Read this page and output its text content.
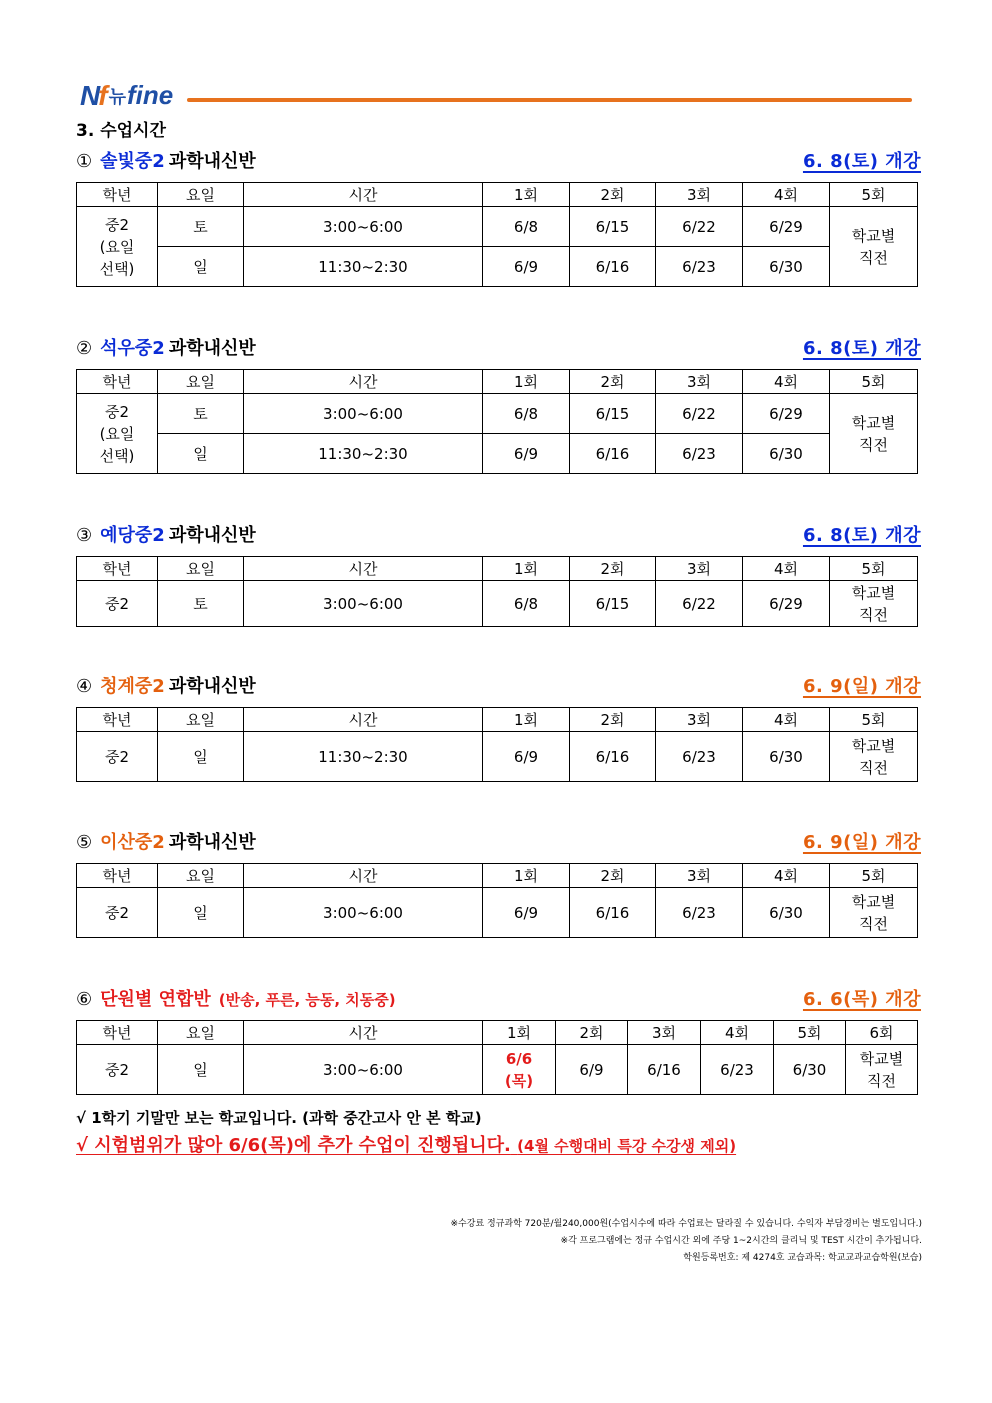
Nf 뉴 fine
3. 수업시간
① 솔빛중2 과학내신반	6. 8(토) 개강
학년	요일	시간	1회	2회	3회	4회	5회
중2
(요일
선택)	토	3:00~6:00	6/8	6/15	6/22	6/29	학교별
직전
	일	11:30~2:30	6/9	6/16	6/23	6/30	
② 석우중2 과학내신반	6. 8(토) 개강
학년	요일	시간	1회	2회	3회	4회	5회
중2
(요일
선택)	토	3:00~6:00	6/8	6/15	6/22	6/29	학교별
직전
	일	11:30~2:30	6/9	6/16	6/23	6/30	
③ 예당중2 과학내신반	6. 8(토) 개강
학년	요일	시간	1회	2회	3회	4회	5회
중2	토	3:00~6:00	6/8	6/15	6/22	6/29	학교별
직전
④ 청계중2 과학내신반	6. 9(일) 개강
학년	요일	시간	1회	2회	3회	4회	5회
중2	일	11:30~2:30	6/9	6/16	6/23	6/30	학교별
직전
⑤ 이산중2 과학내신반	6. 9(일) 개강
학년	요일	시간	1회	2회	3회	4회	5회
중2	일	3:00~6:00	6/9	6/16	6/23	6/30	학교별
직전
⑥ 단원별 연합반 (반송, 푸른, 능동, 치동중)	6. 6(목) 개강
학년	요일	시간	1회	2회	3회	4회	5회	6회
중2	일	3:00~6:00	6/6
(목)	6/9	6/16	6/23	6/30	학교별
직전
√ 1학기 기말만 보는 학교입니다. (과학 중간고사 안 본 학교)
√ 시험범위가 많아 6/6(목)에 추가 수업이 진행됩니다. (4월 수행대비 특강 수강생 제외)
※수강료 정규과학 720분/월240,000원(수업시수에 따라 수업료는 달라질 수 있습니다. 수익자 부담경비는 별도입니다.)
※각 프로그램에는 정규 수업시간 외에 주당 1~2시간의 클리닉 및 TEST 시간이 추가됩니다.
학원등록번호: 제 4274호 교습과목: 학교교과교습학원(보습)
